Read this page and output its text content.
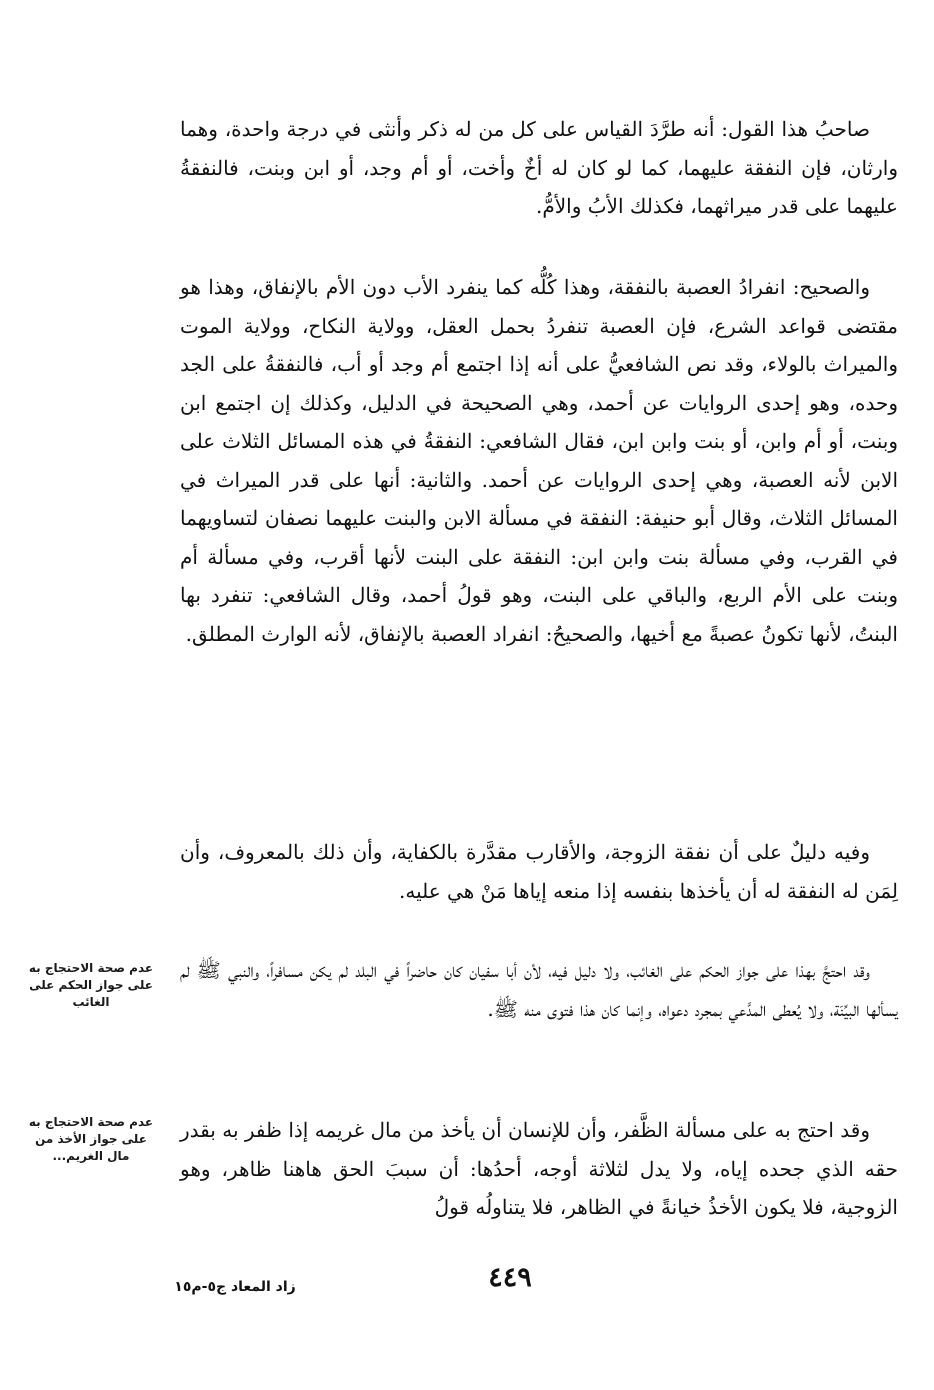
صاحبُ هذا القول: أنه طرَّدَ القياس على كل من له ذكر وأنثى في درجة واحدة، وهما وارثان، فإن النفقة عليهما، كما لو كان له أخٌ وأخت، أو أم وجد، أو ابن وبنت، فالنفقةُ عليهما على قدر ميراثهما، فكذلك الأبُ والأمُّ.

والصحيح: انفرادُ العصبة بالنفقة، وهذا كُلُّه كما ينفرد الأب دون الأم بالإنفاق، وهذا هو مقتضى قواعد الشرع، فإن العصبة تنفردُ بحمل العقل، وولاية النكاح، وولاية الموت والميراث بالولاء، وقد نص الشافعيُّ على أنه إذا اجتمع أم وجد أو أب، فالنفقةُ على الجد وحده، وهو إحدى الروايات عن أحمد، وهي الصحيحة في الدليل، وكذلك إن اجتمع ابن وبنت، أو أم وابن، أو بنت وابن ابن، فقال الشافعي: النفقةُ في هذه المسائل الثلاث على الابن لأنه العصبة، وهي إحدى الروايات عن أحمد. والثانية: أنها على قدر الميراث في المسائل الثلاث، وقال أبو حنيفة: النفقة في مسألة الابن والبنت عليهما نصفان لتساويهما في القرب، وفي مسألة بنت وابن ابن: النفقة على البنت لأنها أقرب، وفي مسألة أم وبنت على الأم الربع، والباقي على البنت، وهو قولُ أحمد، وقال الشافعي: تنفرد بها البنتُ، لأنها تكونُ عصبةً مع أخيها، والصحيحُ: انفراد العصبة بالإنفاق، لأنه الوارث المطلق.

وفيه دليلٌ على أن نفقة الزوجة، والأقارب مقدَّرة بالكفاية، وأن ذلك بالمعروف، وأن لِمَن له النفقة له أن يأخذها بنفسه إذا منعه إياها مَنْ هي عليه.

وقد احتجَّ بهذا على جواز الحكم على الغائب، ولا دليل فيه، لأن أبا سفيان كان حاضراً في البلد لم يكن مسافراً، والنبي ﷺ لم يسألها البيِّنَة، ولا يُعطى المدَّعي بمجرد دعواه، وإنما كان هذا فتوى منه ﷺ.

وقد احتج به على مسألة الظَّفر، وأن للإنسان أن يأخذ من مال غريمه إذا ظفر به بقدر حقه الذي جحده إياه، ولا يدل لثلاثة أوجه، أحدُها: أن سببَ الحق هاهنا ظاهر، وهو الزوجية، فلا يكون الأخذُ خيانةً في الظاهر، فلا يتناولُه قولُ

عدم صحة الاحتجاج به على جواز الحكم على الغائب
عدم صحة الاحتجاج به على جواز الأخذ من مال الغريم...
٤٤٩
زاد المعاد ج٥-م١٥
